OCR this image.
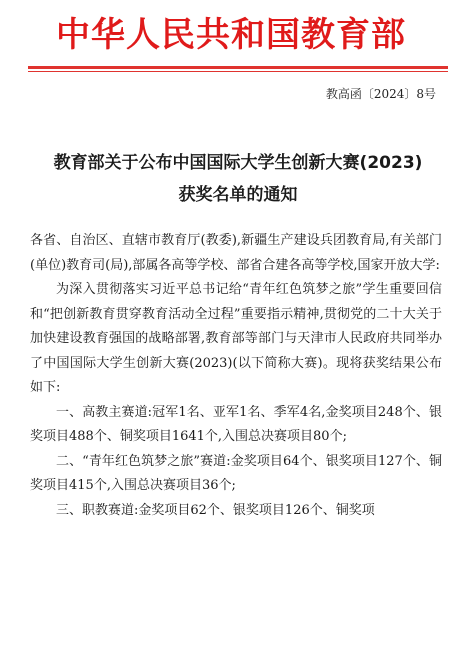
中华人民共和国教育部
教高函〔2024〕8号
教育部关于公布中国国际大学生创新大赛(2023)
获奖名单的通知

各省、自治区、直辖市教育厅(教委),新疆生产建设兵团教育局,有关部门(单位)教育司(局),部属各高等学校、部省合建各高等学校,国家开放大学:

为深入贯彻落实习近平总书记给“青年红色筑梦之旅”学生重要回信和“把创新教育贯穿教育活动全过程”重要指示精神,贯彻党的二十大关于加快建设教育强国的战略部署,教育部等部门与天津市人民政府共同举办了中国国际大学生创新大赛(2023)(以下简称大赛)。现将获奖结果公布如下:

一、高教主赛道:冠军1名、亚军1名、季军4名,金奖项目248个、银奖项目488个、铜奖项目1641个,入围总决赛项目80个;

二、“青年红色筑梦之旅”赛道:金奖项目64个、银奖项目127个、铜奖项目415个,入围总决赛项目36个;

三、职教赛道:金奖项目62个、银奖项目126个、铜奖项
